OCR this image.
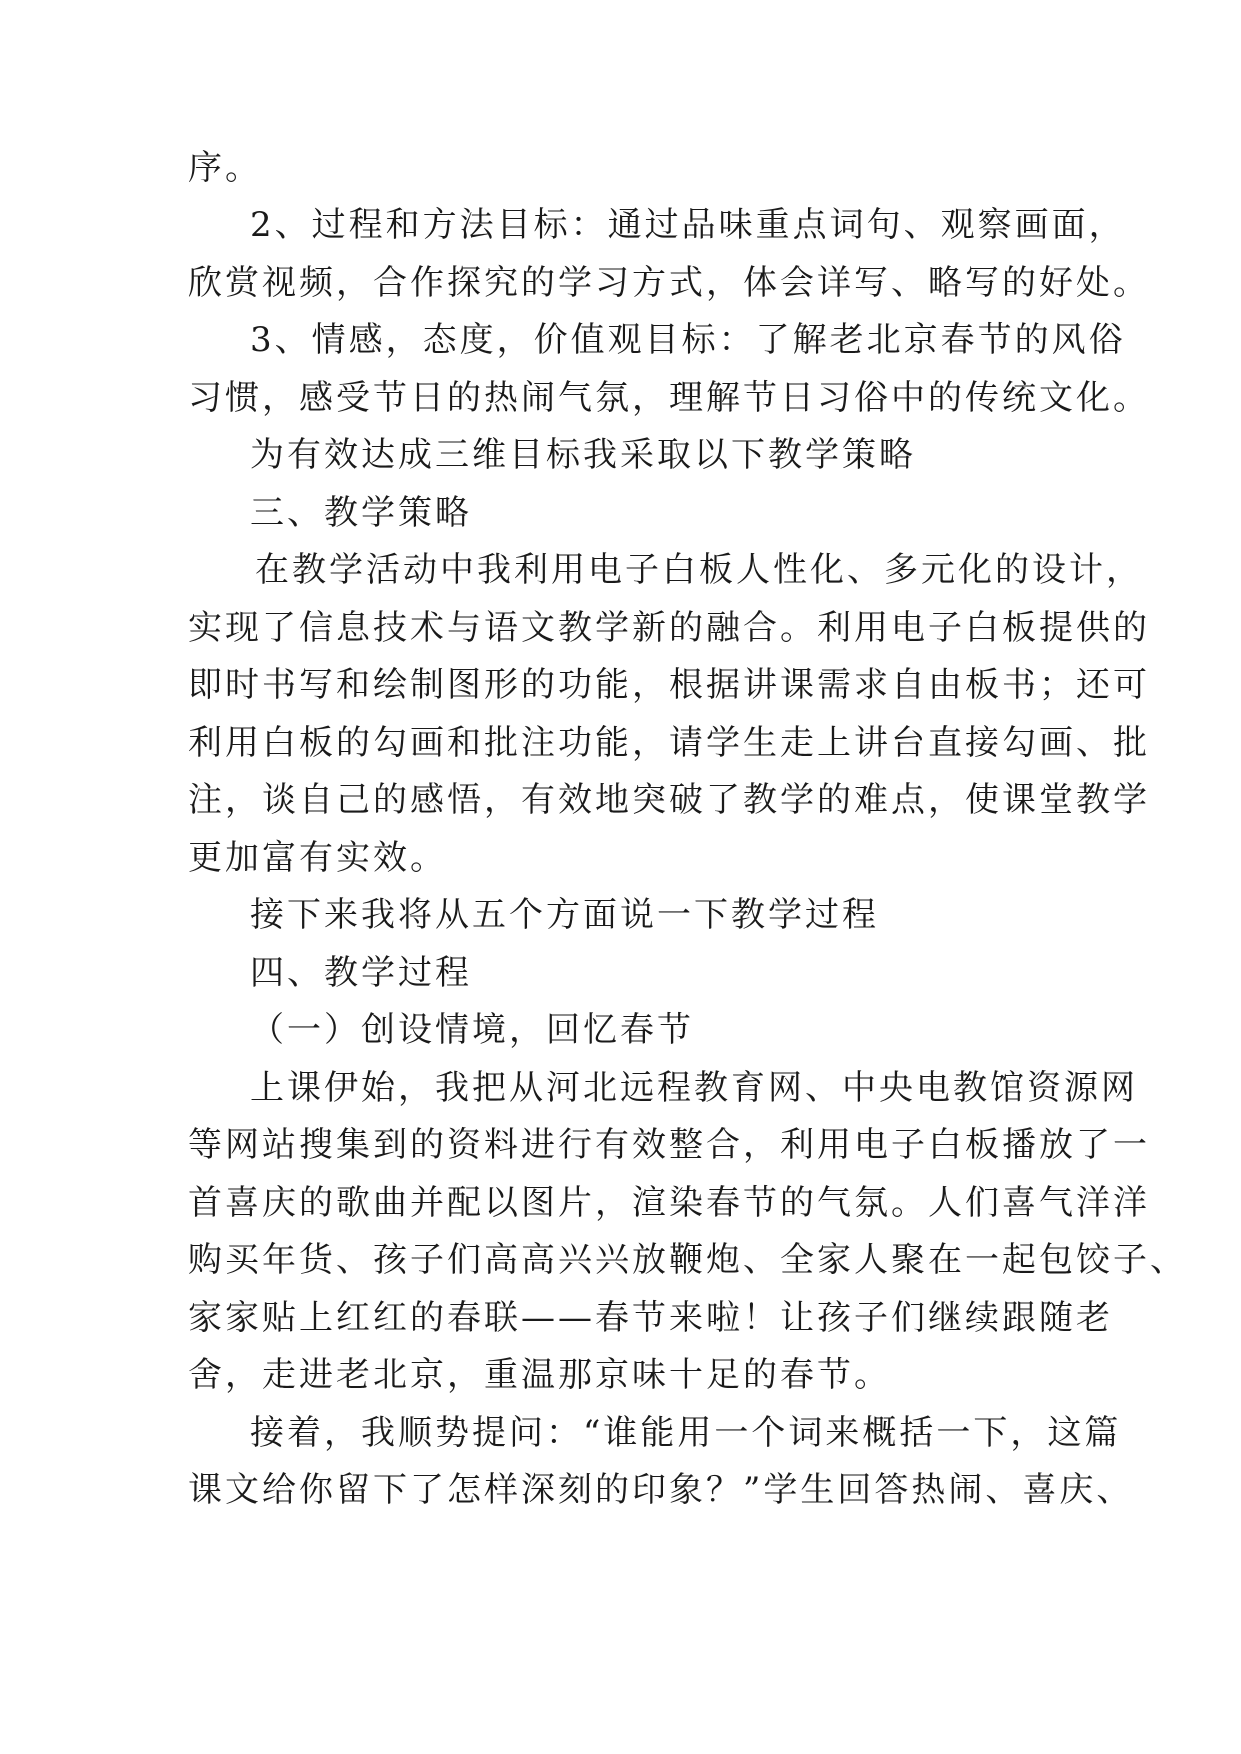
序。
2、过程和方法目标：通过品味重点词句、观察画面，
欣赏视频，合作探究的学习方式，体会详写、略写的好处。
3、情感，态度，价值观目标：了解老北京春节的风俗
习惯，感受节日的热闹气氛，理解节日习俗中的传统文化。
为有效达成三维目标我采取以下教学策略
三、教学策略
在教学活动中我利用电子白板人性化、多元化的设计，
实现了信息技术与语文教学新的融合。利用电子白板提供的
即时书写和绘制图形的功能，根据讲课需求自由板书；还可
利用白板的勾画和批注功能，请学生走上讲台直接勾画、批
注，谈自己的感悟，有效地突破了教学的难点，使课堂教学
更加富有实效。
接下来我将从五个方面说一下教学过程
四、教学过程
（一）创设情境，回忆春节
上课伊始，我把从河北远程教育网、中央电教馆资源网
等网站搜集到的资料进行有效整合，利用电子白板播放了一
首喜庆的歌曲并配以图片，渲染春节的气氛。人们喜气洋洋
购买年货、孩子们高高兴兴放鞭炮、全家人聚在一起包饺子、
家家贴上红红的春联——春节来啦！让孩子们继续跟随老
舍，走进老北京，重温那京味十足的春节。
接着，我顺势提问：“谁能用一个词来概括一下，这篇
课文给你留下了怎样深刻的印象？”学生回答热闹、喜庆、
